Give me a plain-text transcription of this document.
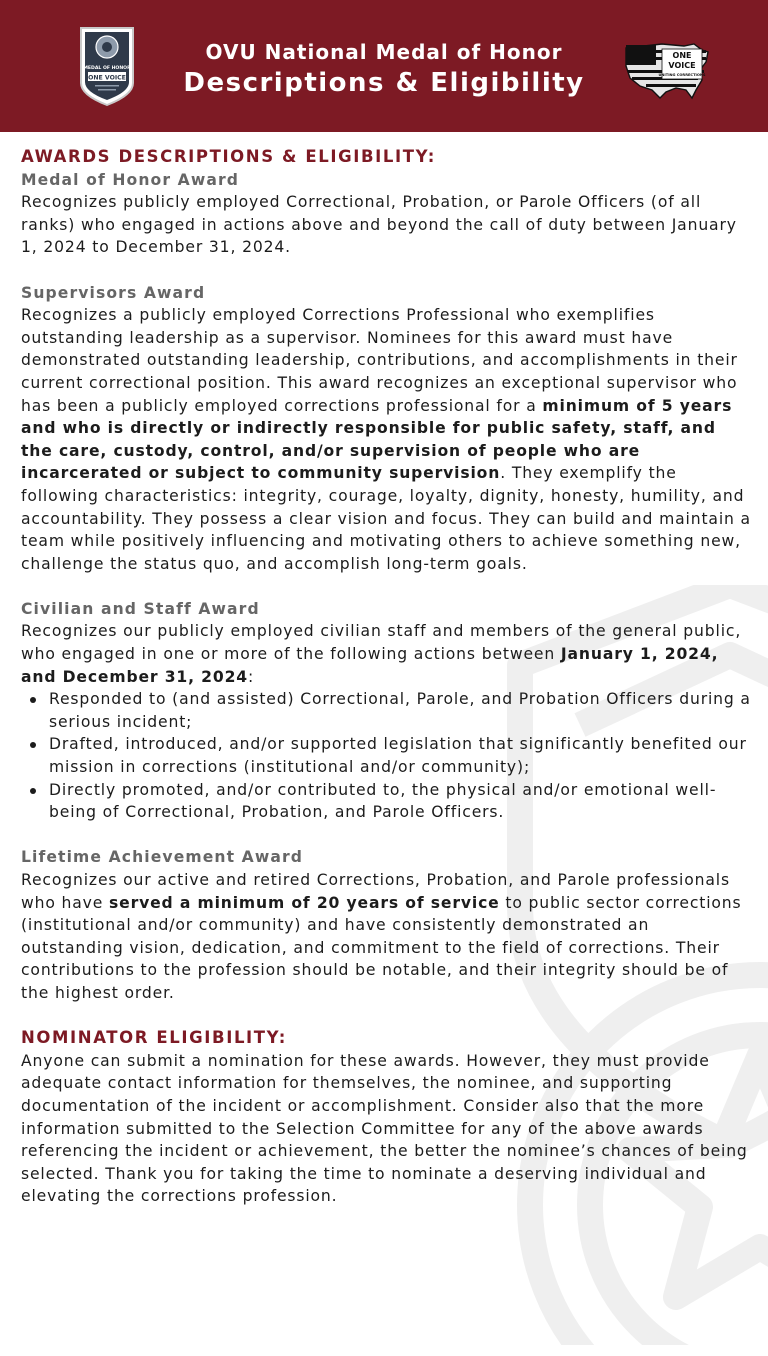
MEDAL OF HONOR
ONE VOICE
OVU National Medal of Honor
Descriptions & Eligibility
ONE
VOICE
UNITING CORRECTIONS

AWARDS DESCRIPTIONS & ELIGIBILITY:

Medal of Honor Award

Recognizes publicly employed Correctional, Probation, or Parole Officers (of all ranks) who engaged in actions above and beyond the call of duty between January 1, 2024 to December 31, 2024.

Supervisors Award

Recognizes a publicly employed Corrections Professional who exemplifies outstanding leadership as a supervisor. Nominees for this award must have demonstrated outstanding leadership, contributions, and accomplishments in their current correctional position. This award recognizes an exceptional supervisor who has been a publicly employed corrections professional for a minimum of 5 years and who is directly or indirectly responsible for public safety, staff, and the care, custody, control, and/or supervision of people who are incarcerated or subject to community supervision. They exemplify the following characteristics: integrity, courage, loyalty, dignity, honesty, humility, and accountability. They possess a clear vision and focus. They can build and maintain a team while positively influencing and motivating others to achieve something new, challenge the status quo, and accomplish long-term goals.

Civilian and Staff Award

Recognizes our publicly employed civilian staff and members of the general public, who engaged in one or more of the following actions between January 1, 2024, and December 31, 2024:

Responded to (and assisted) Correctional, Parole, and Probation Officers during a serious incident;
Drafted, introduced, and/or supported legislation that significantly benefited our mission in corrections (institutional and/or community);
Directly promoted, and/or contributed to, the physical and/or emotional well-being of Correctional, Probation, and Parole Officers.

Lifetime Achievement Award

Recognizes our active and retired Corrections, Probation, and Parole professionals who have served a minimum of 20 years of service to public sector corrections (institutional and/or community) and have consistently demonstrated an outstanding vision, dedication, and commitment to the field of corrections. Their contributions to the profession should be notable, and their integrity should be of the highest order.

NOMINATOR ELIGIBILITY:

Anyone can submit a nomination for these awards. However, they must provide adequate contact information for themselves, the nominee, and supporting documentation of the incident or accomplishment. Consider also that the more information submitted to the Selection Committee for any of the above awards referencing the incident or achievement, the better the nominee’s chances of being selected. Thank you for taking the time to nominate a deserving individual and elevating the corrections profession.
